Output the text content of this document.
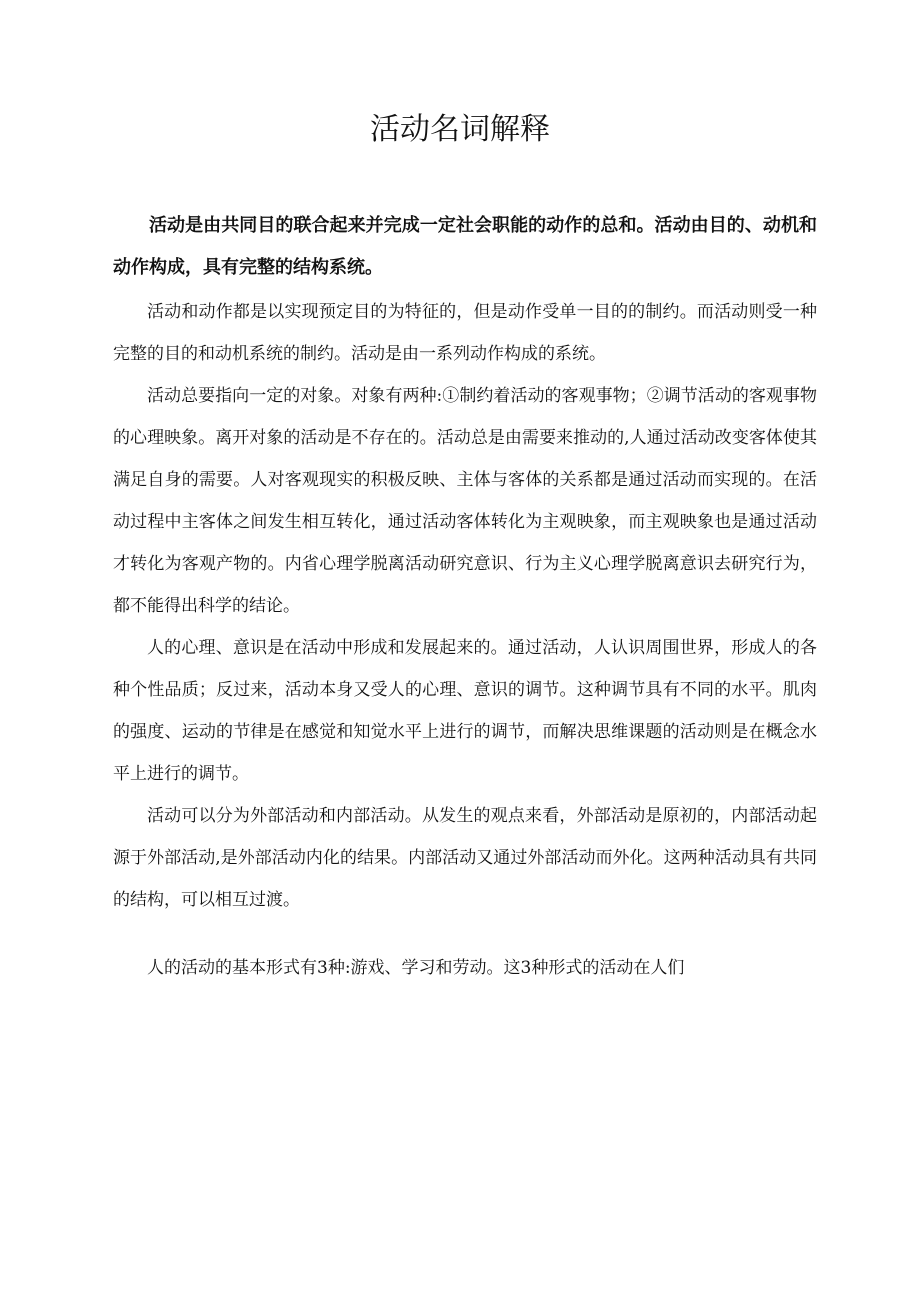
活动名词解释

活动是由共同目的联合起来并完成一定社会职能的动作的总和。活动由目的、动机和动作构成，具有完整的结构系统。

活动和动作都是以实现预定目的为特征的，但是动作受单一目的的制约。而活动则受一种完整的目的和动机系统的制约。活动是由一系列动作构成的系统。

活动总要指向一定的对象。对象有两种:①制约着活动的客观事物；②调节活动的客观事物的心理映象。离开对象的活动是不存在的。活动总是由需要来推动的,人通过活动改变客体使其满足自身的需要。人对客观现实的积极反映、主体与客体的关系都是通过活动而实现的。在活动过程中主客体之间发生相互转化，通过活动客体转化为主观映象，而主观映象也是通过活动才转化为客观产物的。内省心理学脱离活动研究意识、行为主义心理学脱离意识去研究行为，都不能得出科学的结论。

人的心理、意识是在活动中形成和发展起来的。通过活动，人认识周围世界，形成人的各种个性品质；反过来，活动本身又受人的心理、意识的调节。这种调节具有不同的水平。肌肉的强度、运动的节律是在感觉和知觉水平上进行的调节，而解决思维课题的活动则是在概念水平上进行的调节。

活动可以分为外部活动和内部活动。从发生的观点来看，外部活动是原初的，内部活动起源于外部活动,是外部活动内化的结果。内部活动又通过外部活动而外化。这两种活动具有共同的结构，可以相互过渡。

人的活动的基本形式有3种:游戏、学习和劳动。这3种形式的活动在人们
